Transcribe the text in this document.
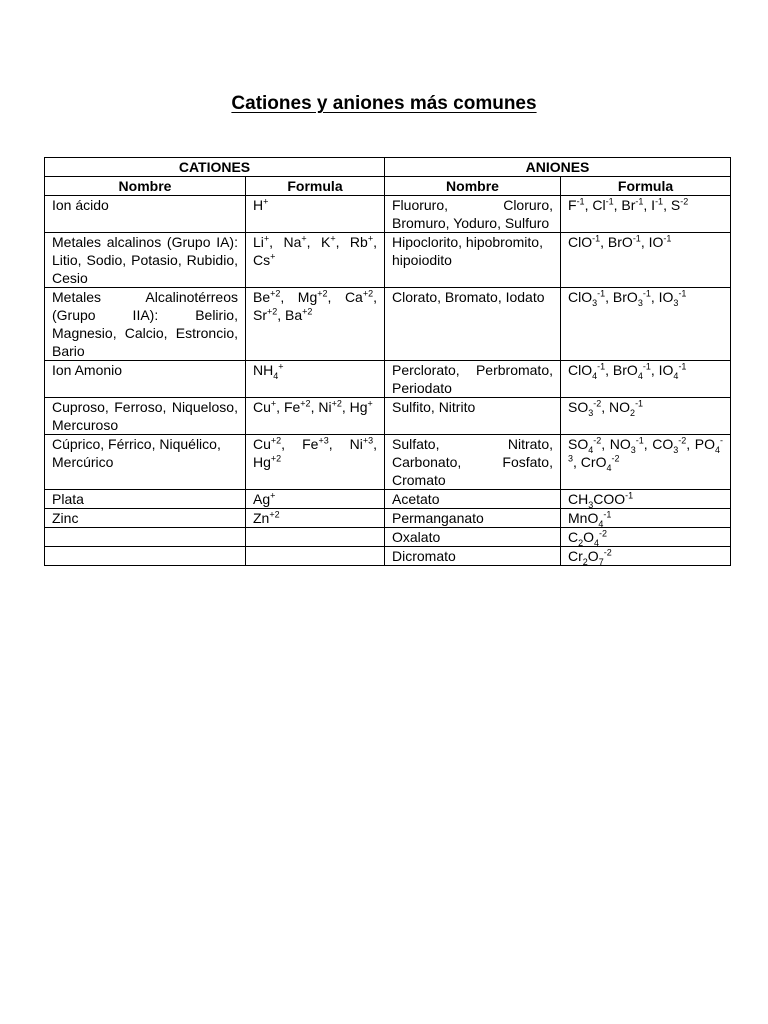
Cationes y aniones más comunes
CATIONES		ANIONES	
Nombre	Formula	Nombre	Formula
Ion ácido	H+	Fluoruro, Cloruro, Bromuro, Yoduro, Sulfuro	$F^{-1}$, $Cl^{-1}$, $Br^{-1}$, $I^{-1}$, $S^{-2}$
Metales alcalinos (Grupo IA): Litio, Sodio, Potasio, Rubidio, Cesio	Li+, Na+, K+, Rb+, Cs+	Hipoclorito, hipobromito, hipoiodito	ClO$^{-1}$, BrO$^{-1}$, $IO^{-1}$
Metales Alcalinotérreos (Grupo IIA): Belirio, Magnesio, Calcio, Estroncio, Bario	$Be^{+2}$, $Mg^{+2}$, $Ca^{+2}$, $Sr^{+2}$, $Ba^{+2}$	Clorato, Bromato, Iodato	ClO$_3^{-1}$, BrO$_3^{-1}$, $IO_3^{-1}$
Ion Amonio	$NH_4^+$	Perclorato, Perbromato, Periodato	ClO$_4^{-1}$, BrO$_4^{-1}$, $IO_4^{-1}$
Cuproso, Ferroso, Niqueloso, Mercuroso	Cu+, $Fe^{+2}$, $Ni^{+2}$, Hg+	Sulfito, Nitrito	$SO_3^{-2}$, $NO_2^{-1}$
Cúprico, Férrico, Niquélico, Mercúrico	$Cu^{+2}$, $Fe^{+3}$, $Ni^{+3}$, $Hg^{+2}$	Sulfato, Nitrato, Carbonato, Fosfato, Cromato	$SO_4^{-2}$, $NO_3^{-1}$, $CO_3^{-2}$, $PO_4^{-3}$, CrO$_4^{-2}$
Plata	Ag+	Acetato	$CH_3COO^{-1}$
Zinc	$Zn^{+2}$	Permanganato	MnO$_4^{-1}$
		Oxalato	$C_2O_4^{-2}$
		Dicromato	$Cr_2O_7^{-2}$
